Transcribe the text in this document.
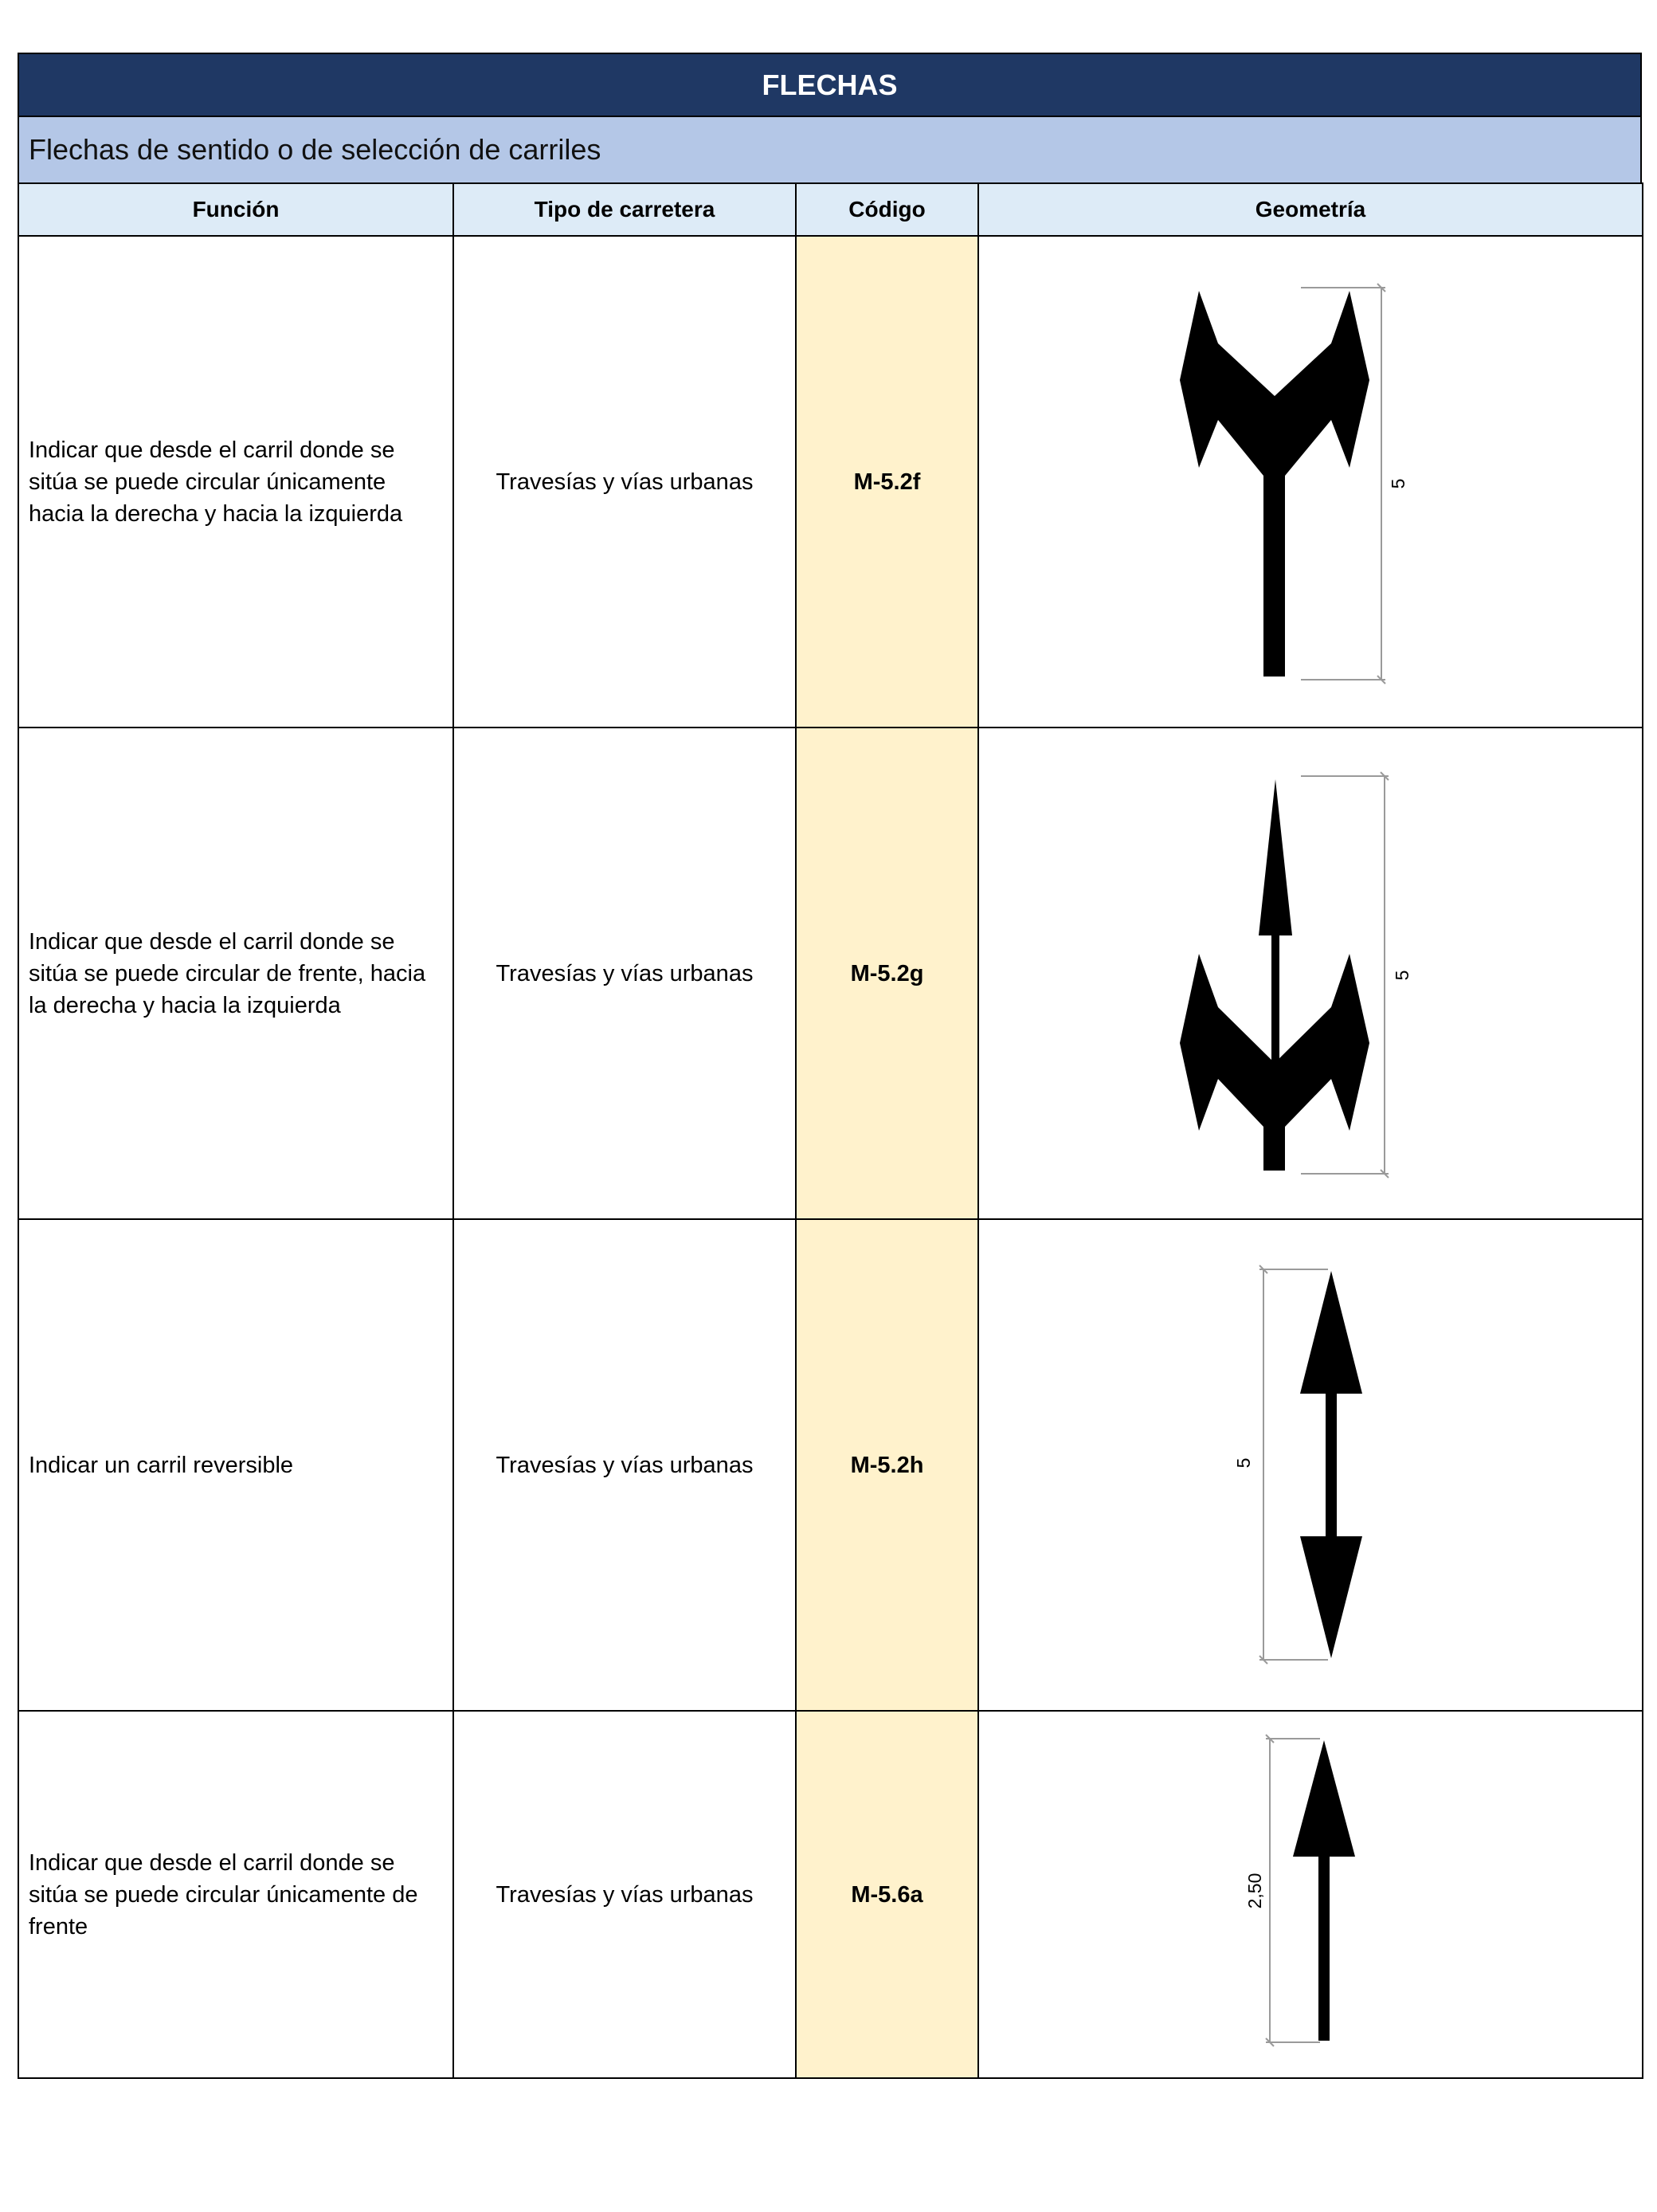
FLECHAS
Flechas de sentido o de selección de carriles
Función	Tipo de carretera	Código	Geometría
Indicar que desde el carril donde se
sitúa se puede circular únicamente
hacia la derecha y hacia la izquierda	Travesías y vías urbanas	M-5.2f	5

Indicar que desde el carril donde se
sitúa se puede circular de frente, hacia
la derecha y hacia la izquierda	Travesías y vías urbanas	M-5.2g	5

Indicar un carril reversible	Travesías y vías urbanas	M-5.2h	5

Indicar que desde el carril donde se
sitúa se puede circular únicamente de
frente	Travesías y vías urbanas	M-5.6a	2,50
